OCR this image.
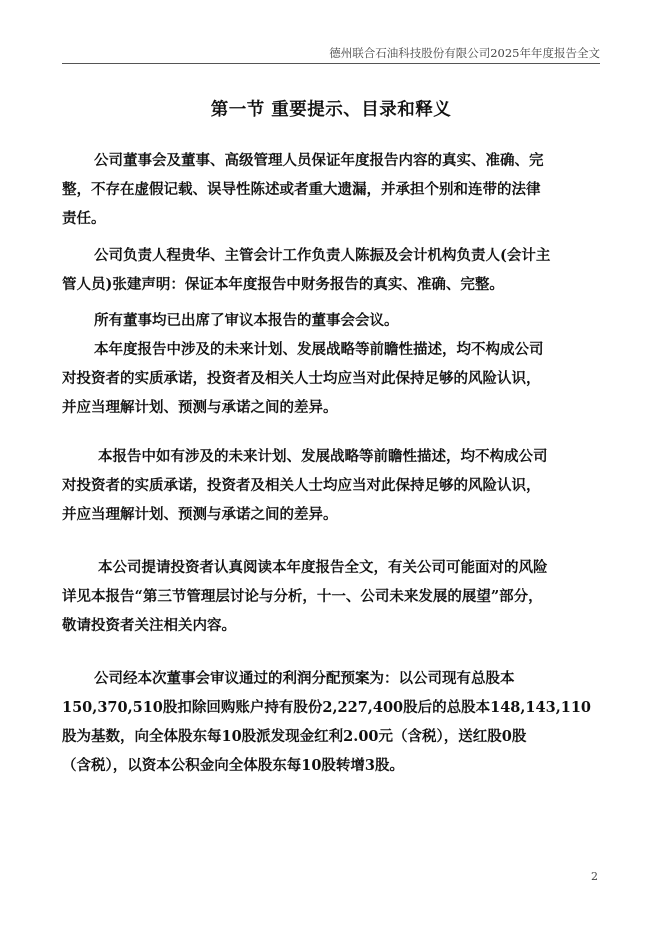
德州联合石油科技股份有限公司2025年年度报告全文
第一节 重要提示、目录和释义

公司董事会及董事、高级管理人员保证年度报告内容的真实、准确、完
整，不存在虚假记载、误导性陈述或者重大遗漏，并承担个别和连带的法律
责任。

公司负责人程贵华、主管会计工作负责人陈振及会计机构负责人(会计主
管人员)张建声明：保证本年度报告中财务报告的真实、准确、完整。

所有董事均已出席了审议本报告的董事会会议。

本年度报告中涉及的未来计划、发展战略等前瞻性描述，均不构成公司
对投资者的实质承诺，投资者及相关人士均应当对此保持足够的风险认识，
并应当理解计划、预测与承诺之间的差异。

本报告中如有涉及的未来计划、发展战略等前瞻性描述，均不构成公司
对投资者的实质承诺，投资者及相关人士均应当对此保持足够的风险认识，
并应当理解计划、预测与承诺之间的差异。

本公司提请投资者认真阅读本年度报告全文，有关公司可能面对的风险
详见本报告“第三节管理层讨论与分析，十一、公司未来发展的展望”部分，
敬请投资者关注相关内容。

公司经本次董事会审议通过的利润分配预案为：以公司现有总股本
150,370,510股扣除回购账户持有股份2,227,400股后的总股本148,143,110
股为基数，向全体股东每10股派发现金红利2.00元（含税），送红股0股
（含税），以资本公积金向全体股东每10股转增3股。

2
